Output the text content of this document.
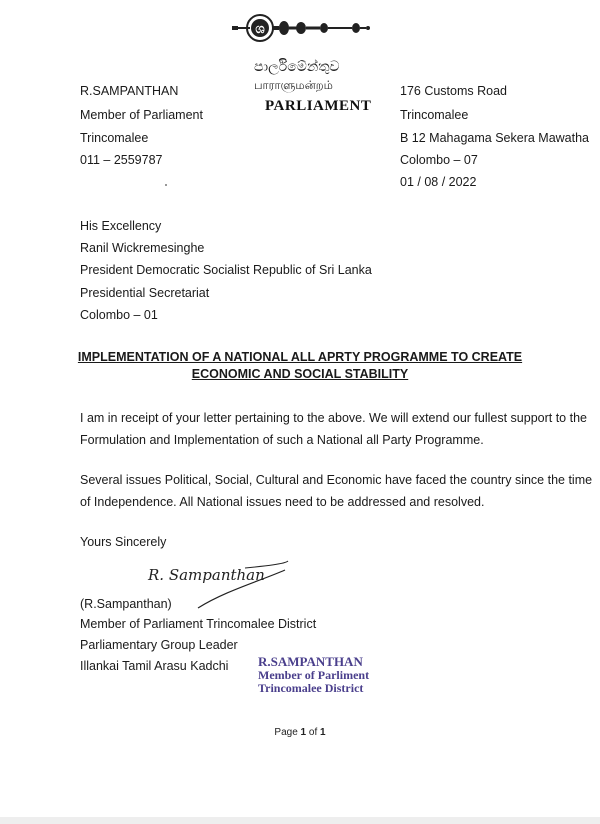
ශ
පාර්ලිමේන්තුව
பாராளுமன்றம்
PARLIAMENT
R.SAMPANTHAN
Member of Parliament
Trincomalee
011 – 2559787
176 Customs Road
Trincomalee
B 12 Mahagama Sekera Mawatha
Colombo – 07
01 / 08 / 2022
His Excellency
Ranil Wickremesinghe
President Democratic Socialist Republic of Sri Lanka
Presidential Secretariat
Colombo – 01
IMPLEMENTATION OF A NATIONAL ALL APRTY PROGRAMME TO CREATE
ECONOMIC AND SOCIAL STABILITY
I am in receipt of your letter pertaining to the above. We will extend our fullest support to the
Formulation and Implementation of such a National all Party Programme.
Several issues Political, Social, Cultural and Economic have faced the country since the time
of Independence. All National issues need to be addressed and resolved.
Yours Sincerely
R. Sampanthan
(R.Sampanthan)
Member of Parliament Trincomalee District
Parliamentary Group Leader
Illankai Tamil Arasu Kadchi R.SAMPANTHAN
Member of Parliment
Trincomalee District
Page 1 of 1
